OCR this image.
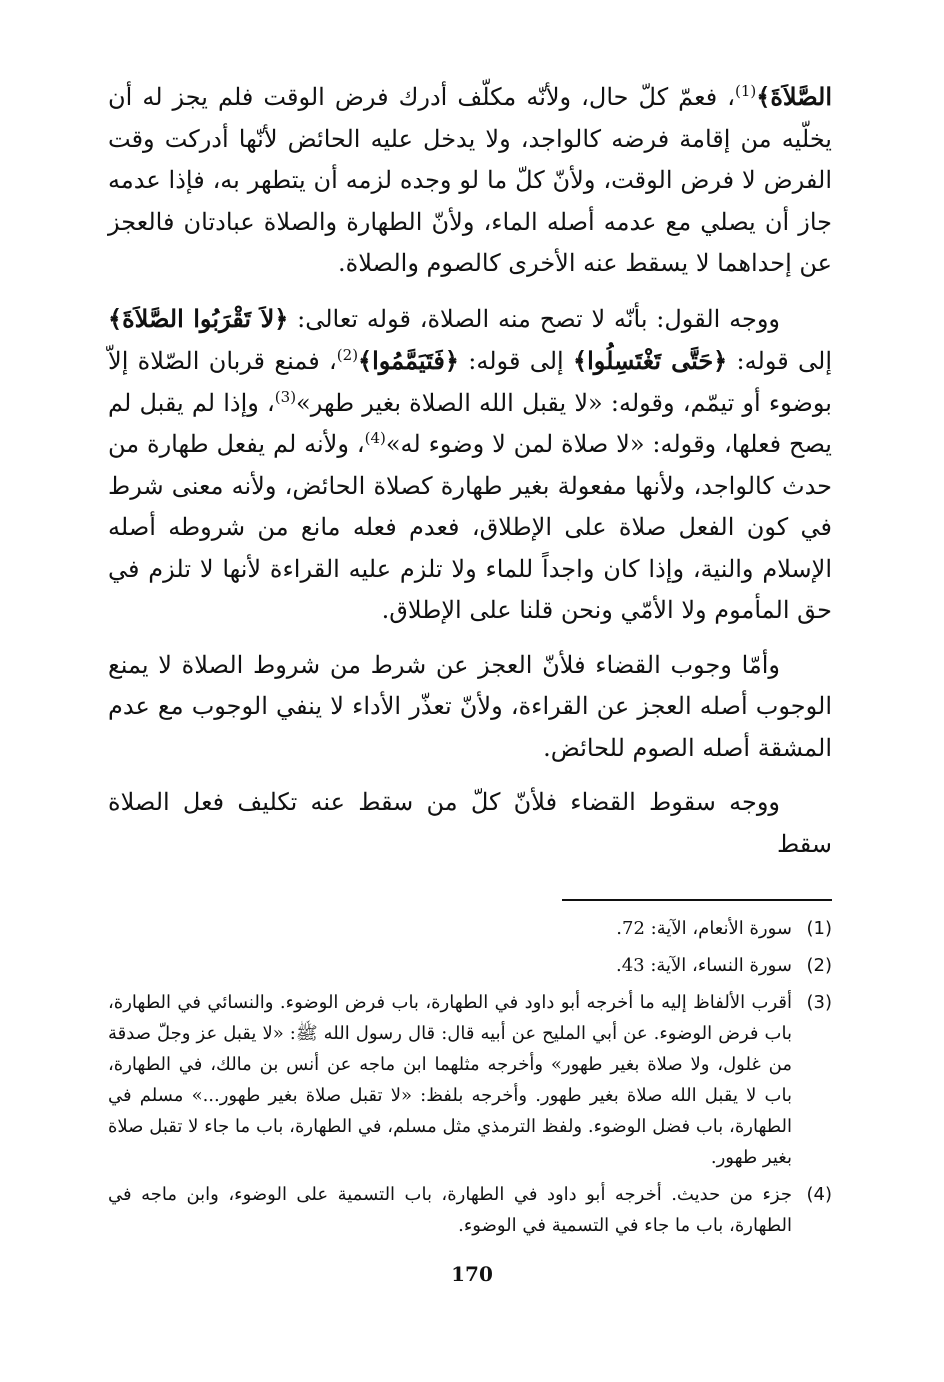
الصَّلاَةَ﴾$^{(1)}$، فعمّ كلّ حال، ولأنّه مكلّف أدرك فرض الوقت فلم يجز له أن يخلّيه من إقامة فرضه كالواجد، ولا يدخل عليه الحائض لأنّها أدركت وقت الفرض لا فرض الوقت، ولأنّ كلّ ما لو وجده لزمه أن يتطهر به، فإذا عدمه جاز أن يصلي مع عدمه أصله الماء، ولأنّ الطهارة والصلاة عبادتان فالعجز عن إحداهما لا يسقط عنه الأخرى كالصوم والصلاة.

ووجه القول: بأنّه لا تصح منه الصلاة، قوله تعالى: ﴿لاَ تَقْرَبُوا الصَّلاَةَ﴾ إلى قوله: ﴿حَتَّى تَغْتَسِلُوا﴾ إلى قوله: ﴿فَتَيَمَّمُوا﴾$^{(2)}$، فمنع قربان الصّلاة إلاّ بوضوء أو تيمّم، وقوله: «لا يقبل الله الصلاة بغير طهر»$^{(3)}$، وإذا لم يقبل لم يصح فعلها، وقوله: «لا صلاة لمن لا وضوء له»$^{(4)}$، ولأنه لم يفعل طهارة من حدث كالواجد، ولأنها مفعولة بغير طهارة كصلاة الحائض، ولأنه معنى شرط في كون الفعل صلاة على الإطلاق، فعدم فعله مانع من شروطه أصله الإسلام والنية، وإذا كان واجداً للماء ولا تلزم عليه القراءة لأنها لا تلزم في حق المأموم ولا الأمّي ونحن قلنا على الإطلاق.

وأمّا وجوب القضاء فلأنّ العجز عن شرط من شروط الصلاة لا يمنع الوجوب أصله العجز عن القراءة، ولأنّ تعذّر الأداء لا ينفي الوجوب مع عدم المشقة أصله الصوم للحائض.

ووجه سقوط القضاء فلأنّ كلّ من سقط عنه تكليف فعل الصلاة سقط

(1)
سورة الأنعام، الآية: 72.
(2)
سورة النساء، الآية: 43.
(3)
أقرب الألفاظ إليه ما أخرجه أبو داود في الطهارة، باب فرض الوضوء. والنسائي في الطهارة، باب فرض الوضوء. عن أبي المليح عن أبيه قال: قال رسول الله ﷺ: «لا يقبل عز وجلّ صدقة من غلول، ولا صلاة بغير طهور» وأخرجه مثلهما ابن ماجه عن أنس بن مالك، في الطهارة، باب لا يقبل الله صلاة بغير طهور. وأخرجه بلفظ: «لا تقبل صلاة بغير طهور...» مسلم في الطهارة، باب فضل الوضوء. ولفظ الترمذي مثل مسلم، في الطهارة، باب ما جاء لا تقبل صلاة بغير طهور.
(4)
جزء من حديث. أخرجه أبو داود في الطهارة، باب التسمية على الوضوء، وابن ماجه في الطهارة، باب ما جاء في التسمية في الوضوء.
170
